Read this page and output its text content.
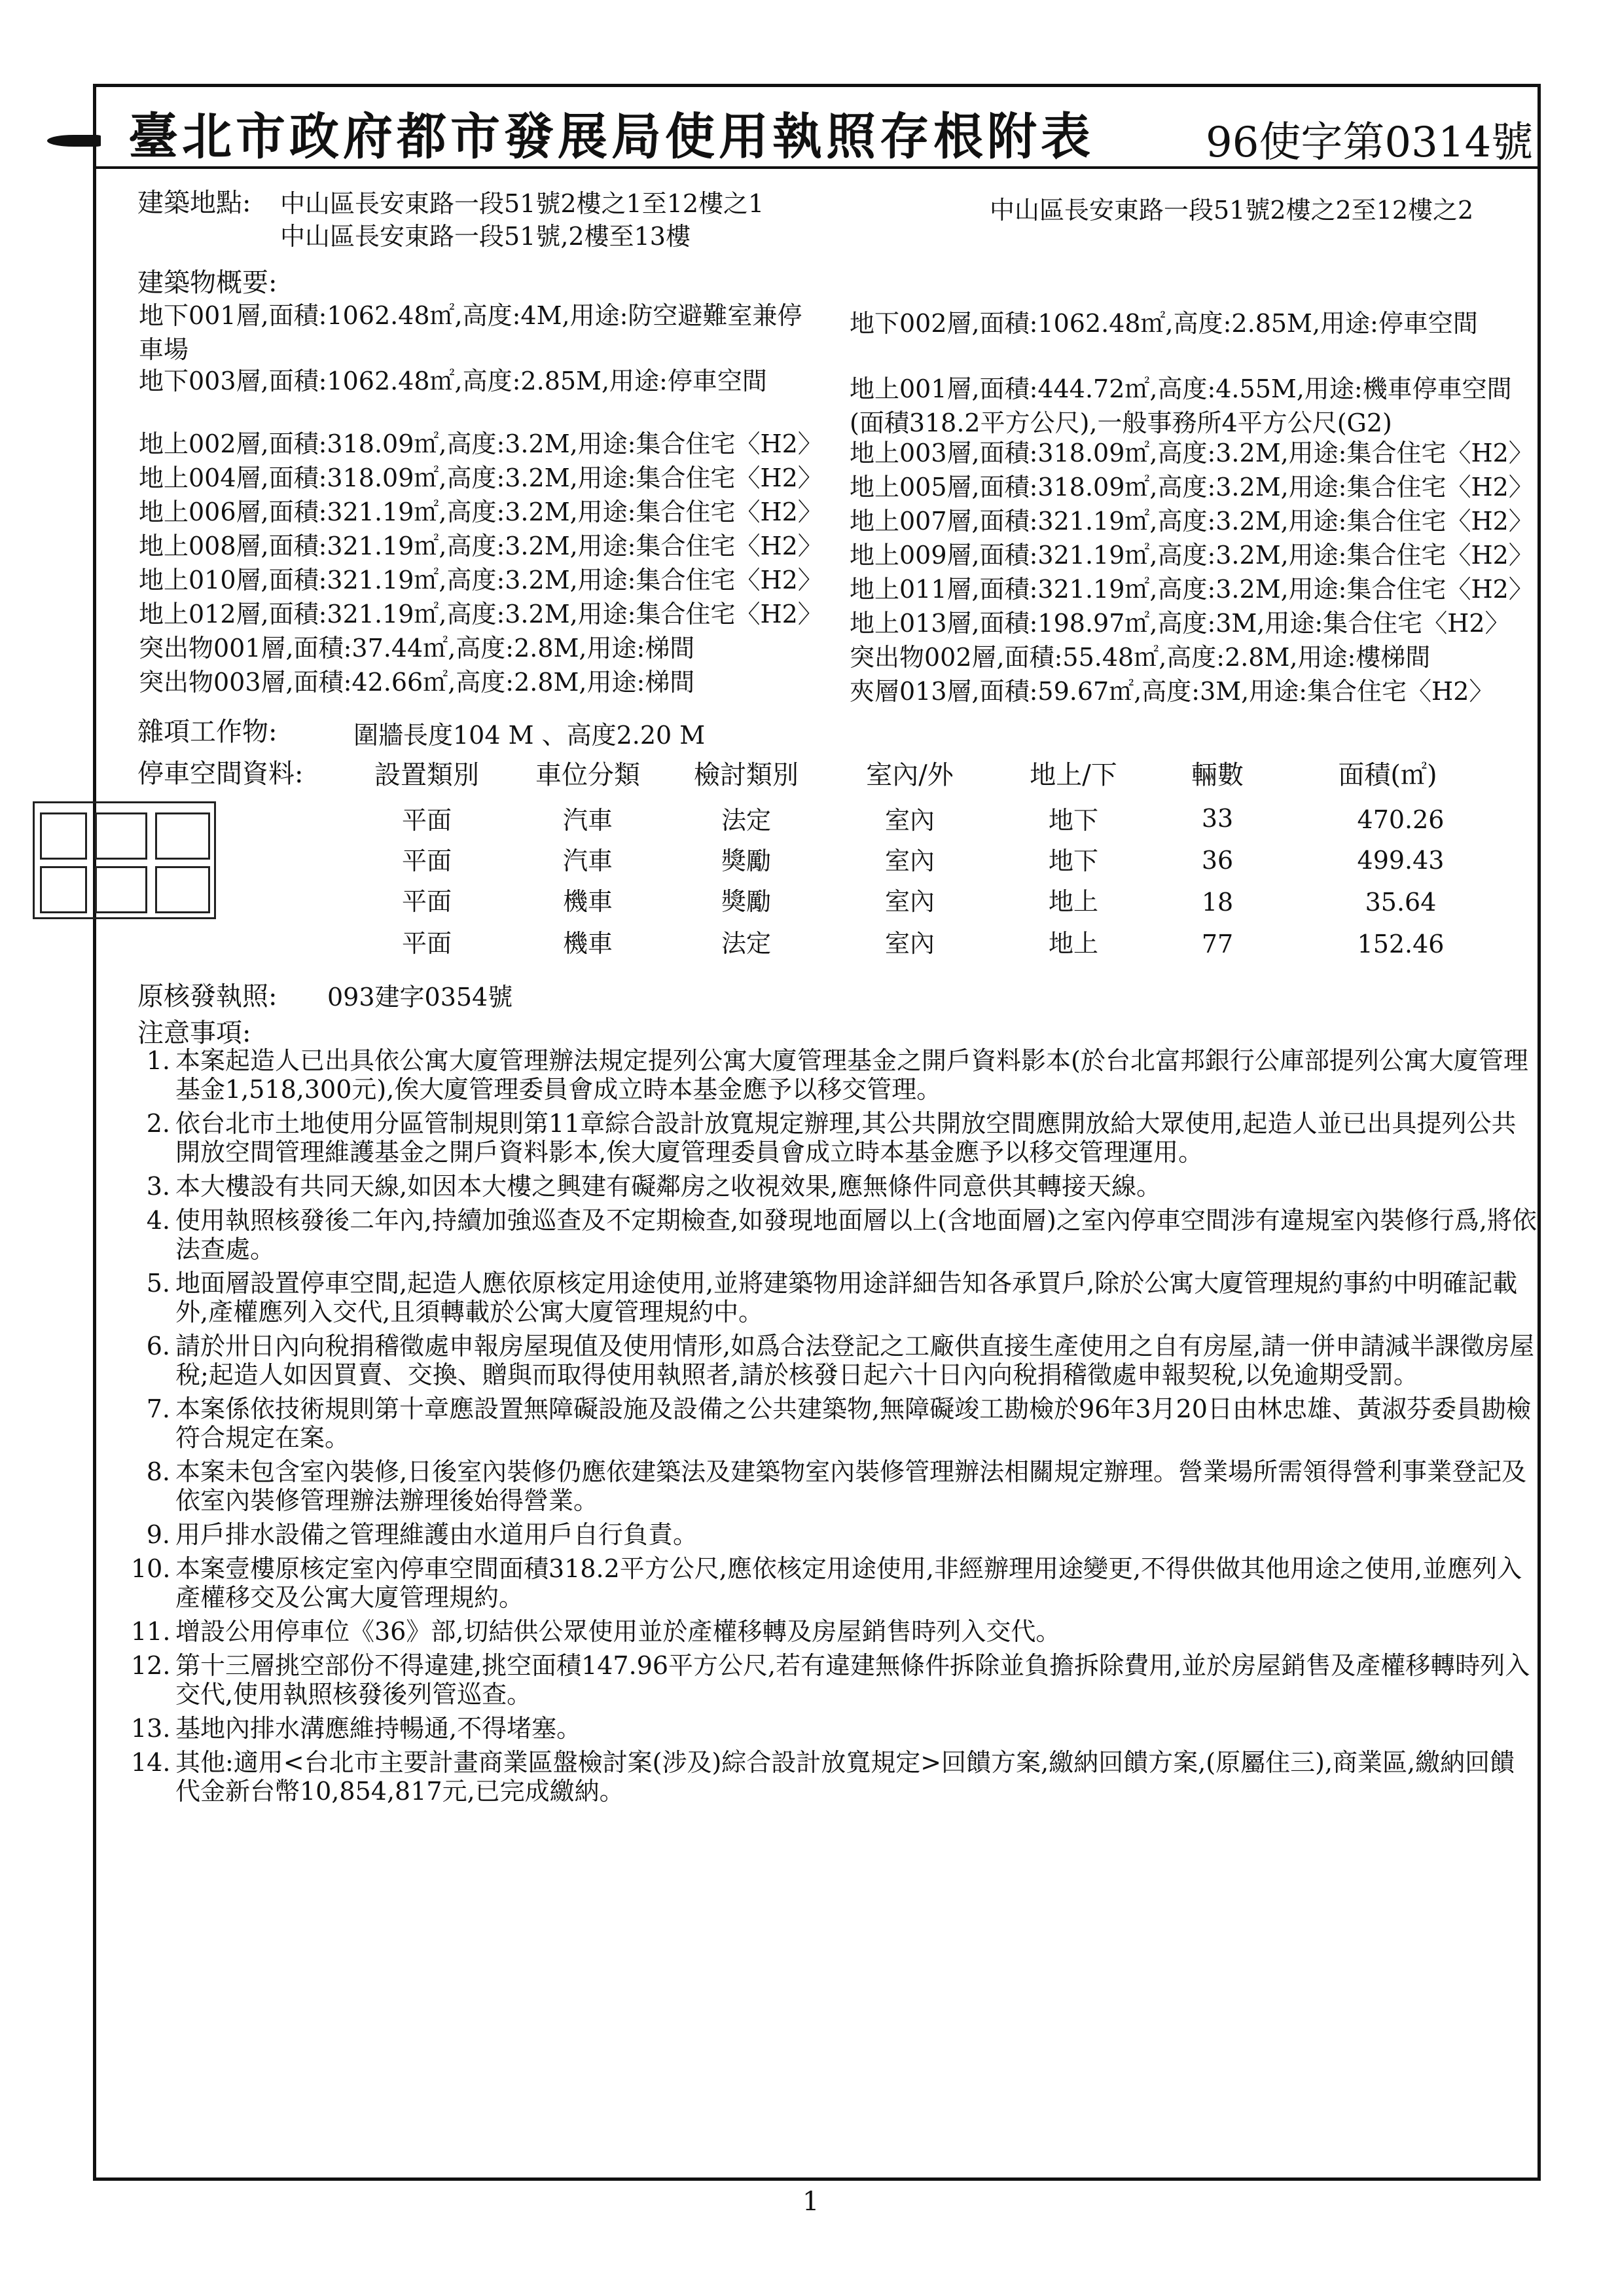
臺北市政府都市發展局使用執照存根附表	96使字第0314號
建築地點: 中山區長安東路一段51號2樓之1至12樓之1
中山區長安東路一段51號,2樓至13樓
中山區長安東路一段51號2樓之2至12樓之2
建築物概要:
地下001層,面積:1062.48㎡,高度:4M,用途:防空避難室兼停車場
地下003層,面積:1062.48㎡,高度:2.85M,用途:停車空間
地上002層,面積:318.09㎡,高度:3.2M,用途:集合住宅〈H2〉
地上004層,面積:318.09㎡,高度:3.2M,用途:集合住宅〈H2〉
地上006層,面積:321.19㎡,高度:3.2M,用途:集合住宅〈H2〉
地上008層,面積:321.19㎡,高度:3.2M,用途:集合住宅〈H2〉
地上010層,面積:321.19㎡,高度:3.2M,用途:集合住宅〈H2〉
地上012層,面積:321.19㎡,高度:3.2M,用途:集合住宅〈H2〉
突出物001層,面積:37.44㎡,高度:2.8M,用途:梯間
突出物003層,面積:42.66㎡,高度:2.8M,用途:梯間
地下002層,面積:1062.48㎡,高度:2.85M,用途:停車空間
地上001層,面積:444.72㎡,高度:4.55M,用途:機車停車空間(面積318.2平方公尺),一般事務所4平方公尺(G2)
地上003層,面積:318.09㎡,高度:3.2M,用途:集合住宅〈H2〉
地上005層,面積:318.09㎡,高度:3.2M,用途:集合住宅〈H2〉
地上007層,面積:321.19㎡,高度:3.2M,用途:集合住宅〈H2〉
地上009層,面積:321.19㎡,高度:3.2M,用途:集合住宅〈H2〉
地上011層,面積:321.19㎡,高度:3.2M,用途:集合住宅〈H2〉
地上013層,面積:198.97㎡,高度:3M,用途:集合住宅〈H2〉
突出物002層,面積:55.48㎡,高度:2.8M,用途:樓梯間
夾層013層,面積:59.67㎡,高度:3M,用途:集合住宅〈H2〉
雜項工作物:	圍牆長度104 M 、高度2.20 M
停車空間資料:	設置類別	車位分類	檢討類別	室內/外	地上/下	輛數	面積(㎡)
平面	汽車	法定	室內	地下	33	470.26
平面	汽車	獎勵	室內	地下	36	499.43
平面	機車	獎勵	室內	地上	18	35.64
平面	機車	法定	室內	地上	77	152.46
原核發執照: 093建字0354號
注意事項:
1. 本案起造人已出具依公寓大廈管理辦法規定提列公寓大廈管理基金之開戶資料影本(於台北富邦銀行公庫部提列公寓大廈管理基金1,518,300元),俟大廈管理委員會成立時本基金應予以移交管理。
2. 依台北市土地使用分區管制規則第11章綜合設計放寬規定辦理,其公共開放空間應開放給大眾使用,起造人並已出具提列公共開放空間管理維護基金之開戶資料影本,俟大廈管理委員會成立時本基金應予以移交管理運用。
3. 本大樓設有共同天線,如因本大樓之興建有礙鄰房之收視效果,應無條件同意供其轉接天線。
4. 使用執照核發後二年內,持續加強巡查及不定期檢查,如發現地面層以上(含地面層)之室內停車空間涉有違規室內裝修行爲,將依法查處。
5. 地面層設置停車空間,起造人應依原核定用途使用,並將建築物用途詳細告知各承買戶,除於公寓大廈管理規約事約中明確記載外,產權應列入交代,且須轉載於公寓大廈管理規約中。
6. 請於卅日內向稅捐稽徵處申報房屋現值及使用情形,如爲合法登記之工廠供直接生產使用之自有房屋,請一併申請減半課徵房屋稅;起造人如因買賣、交換、贈與而取得使用執照者,請於核發日起六十日內向稅捐稽徵處申報契稅,以免逾期受罰。
7. 本案係依技術規則第十章應設置無障礙設施及設備之公共建築物,無障礙竣工勘檢於96年3月20日由林忠雄、黃淑芬委員勘檢符合規定在案。
8. 本案未包含室內裝修,日後室內裝修仍應依建築法及建築物室內裝修管理辦法相關規定辦理。營業場所需領得營利事業登記及依室內裝修管理辦法辦理後始得營業。
9. 用戶排水設備之管理維護由水道用戶自行負責。
10. 本案壹樓原核定室內停車空間面積318.2平方公尺,應依核定用途使用,非經辦理用途變更,不得供做其他用途之使用,並應列入產權移交及公寓大廈管理規約。
11. 增設公用停車位《36》部,切結供公眾使用並於產權移轉及房屋銷售時列入交代。
12. 第十三層挑空部份不得違建,挑空面積147.96平方公尺,若有違建無條件拆除並負擔拆除費用,並於房屋銷售及產權移轉時列入交代,使用執照核發後列管巡查。
13. 基地內排水溝應維持暢通,不得堵塞。
14. 其他:適用<台北市主要計畫商業區盤檢討案(涉及)綜合設計放寬規定>回饋方案,繳納回饋方案,(原屬住三),商業區,繳納回饋代金新台幣10,854,817元,已完成繳納。
1
